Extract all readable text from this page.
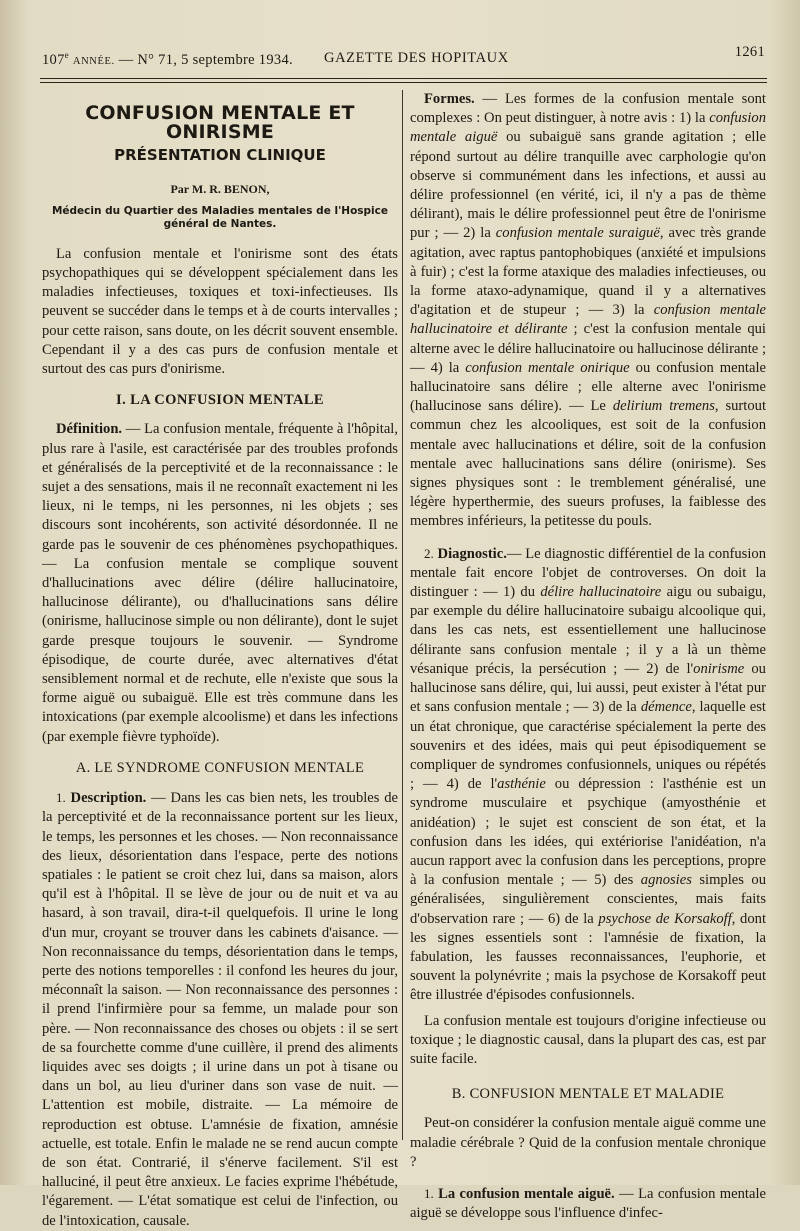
107e ANNÉE. — N° 71, 5 septembre 1934. GAZETTE DES HOPITAUX	1261
CONFUSION MENTALE ET ONIRISME
PRÉSENTATION CLINIQUE
Par M. R. BENON,
Médecin du Quartier des Maladies mentales de l'Hospice général de Nantes.

La confusion mentale et l'onirisme sont des états psychopathiques qui se développent spécialement dans les maladies infectieuses, toxiques et toxi-infectieuses. Ils peuvent se succéder dans le temps et à de courts intervalles ; pour cette raison, sans doute, on les décrit souvent ensemble. Cependant il y a des cas purs de confusion mentale et surtout des cas purs d'onirisme.

I. LA CONFUSION MENTALE

Définition. — La confusion mentale, fréquente à l'hôpital, plus rare à l'asile, est caractérisée par des troubles profonds et généralisés de la perceptivité et de la reconnaissance : le sujet a des sensations, mais il ne reconnaît exactement ni les lieux, ni le temps, ni les personnes, ni les objets ; ses discours sont incohérents, son activité désordonnée. Il ne garde pas le souvenir de ces phénomènes psychopathiques. — La confusion mentale se complique souvent d'hallucinations avec délire (délire hallucinatoire, hallucinose délirante), ou d'hallucinations sans délire (onirisme, hallucinose simple ou non délirante), dont le sujet garde presque toujours le souvenir. — Syndrome épisodique, de courte durée, avec alternatives d'état sensiblement normal et de rechute, elle n'existe que sous la forme aiguë ou subaiguë. Elle est très commune dans les intoxications (par exemple alcoolisme) et dans les infections (par exemple fièvre typhoïde).

A. LE SYNDROME CONFUSION MENTALE

1. Description. — Dans les cas bien nets, les troubles de la perceptivité et de la reconnaissance portent sur les lieux, le temps, les personnes et les choses. — Non reconnaissance des lieux, désorientation dans l'espace, perte des notions spatiales : le patient se croit chez lui, dans sa maison, alors qu'il est à l'hôpital. Il se lève de jour ou de nuit et va au hasard, à son travail, dira-t-il quelquefois. Il urine le long d'un mur, croyant se trouver dans les cabinets d'aisance. — Non reconnaissance du temps, désorientation dans le temps, perte des notions temporelles : il confond les heures du jour, méconnaît la saison. — Non reconnaissance des personnes : il prend l'infirmière pour sa femme, un malade pour son père. — Non reconnaissance des choses ou objets : il se sert de sa fourchette comme d'une cuillère, il prend des aliments liquides avec ses doigts ; il urine dans un pot à tisane ou dans un bol, au lieu d'uriner dans son vase de nuit. — L'attention est mobile, distraite. — La mémoire de reproduction est obtuse. L'amnésie de fixation, amnésie actuelle, est totale. Enfin le malade ne se rend aucun compte de son état. Contrarié, il s'énerve facilement. S'il est halluciné, il peut être anxieux. Le facies exprime l'hébétude, l'égarement. — L'état somatique est celui de l'infection, ou de l'intoxication, causale.

Formes. — Les formes de la confusion mentale sont complexes : On peut distinguer, à notre avis : 1) la confusion mentale aiguë ou subaiguë sans grande agitation ; elle répond surtout au délire tranquille avec carphologie qu'on observe si communément dans les infections, et aussi au délire professionnel (en vérité, ici, il n'y a pas de thème délirant), mais le délire professionnel peut être de l'onirisme pur ; — 2) la confusion mentale suraiguë, avec très grande agitation, avec raptus pantophobiques (anxiété et impulsions à fuir) ; c'est la forme ataxique des maladies infectieuses, ou la forme ataxo-adynamique, quand il y a alternatives d'agitation et de stupeur ; — 3) la confusion mentale hallucinatoire et délirante ; c'est la confusion mentale qui alterne avec le délire hallucinatoire ou hallucinose délirante ; — 4) la confusion mentale onirique ou confusion mentale hallucinatoire sans délire ; elle alterne avec l'onirisme (hallucinose sans délire). — Le delirium tremens, surtout commun chez les alcooliques, est soit de la confusion mentale avec hallucinations et délire, soit de la confusion mentale avec hallucinations sans délire (onirisme). Ses signes physiques sont : le tremblement généralisé, une légère hyperthermie, des sueurs profuses, la faiblesse des membres inférieurs, la petitesse du pouls.

2. Diagnostic.— Le diagnostic différentiel de la confusion mentale fait encore l'objet de controverses. On doit la distinguer : — 1) du délire hallucinatoire aigu ou subaigu, par exemple du délire hallucinatoire subaigu alcoolique qui, dans les cas nets, est essentiellement une hallucinose délirante sans confusion mentale ; il y a là un thème vésanique précis, la persécution ; — 2) de l'onirisme ou hallucinose sans délire, qui, lui aussi, peut exister à l'état pur et sans confusion mentale ; — 3) de la démence, laquelle est un état chronique, que caractérise spécialement la perte des souvenirs et des idées, mais qui peut épisodiquement se compliquer de syndromes confusionnels, uniques ou répétés ; — 4) de l'asthénie ou dépression : l'asthénie est un syndrome musculaire et psychique (amyosthénie et anidéation) ; le sujet est conscient de son état, et la confusion dans les idées, qui extériorise l'anidéation, n'a aucun rapport avec la confusion dans les perceptions, propre à la confusion mentale ; — 5) des agnosies simples ou généralisées, singulièrement conscientes, mais faits d'observation rare ; — 6) de la psychose de Korsakoff, dont les signes essentiels sont : l'amnésie de fixation, la fabulation, les fausses reconnaissances, l'euphorie, et souvent la polynévrite ; mais la psychose de Korsakoff peut être illustrée d'épisodes confusionnels.

La confusion mentale est toujours d'origine infectieuse ou toxique ; le diagnostic causal, dans la plupart des cas, est par suite facile.

B. CONFUSION MENTALE ET MALADIE

Peut-on considérer la confusion mentale aiguë comme une maladie cérébrale ? Quid de la confusion mentale chronique ?

1. La confusion mentale aiguë. — La confusion mentale aiguë se développe sous l'influence d'infec-
